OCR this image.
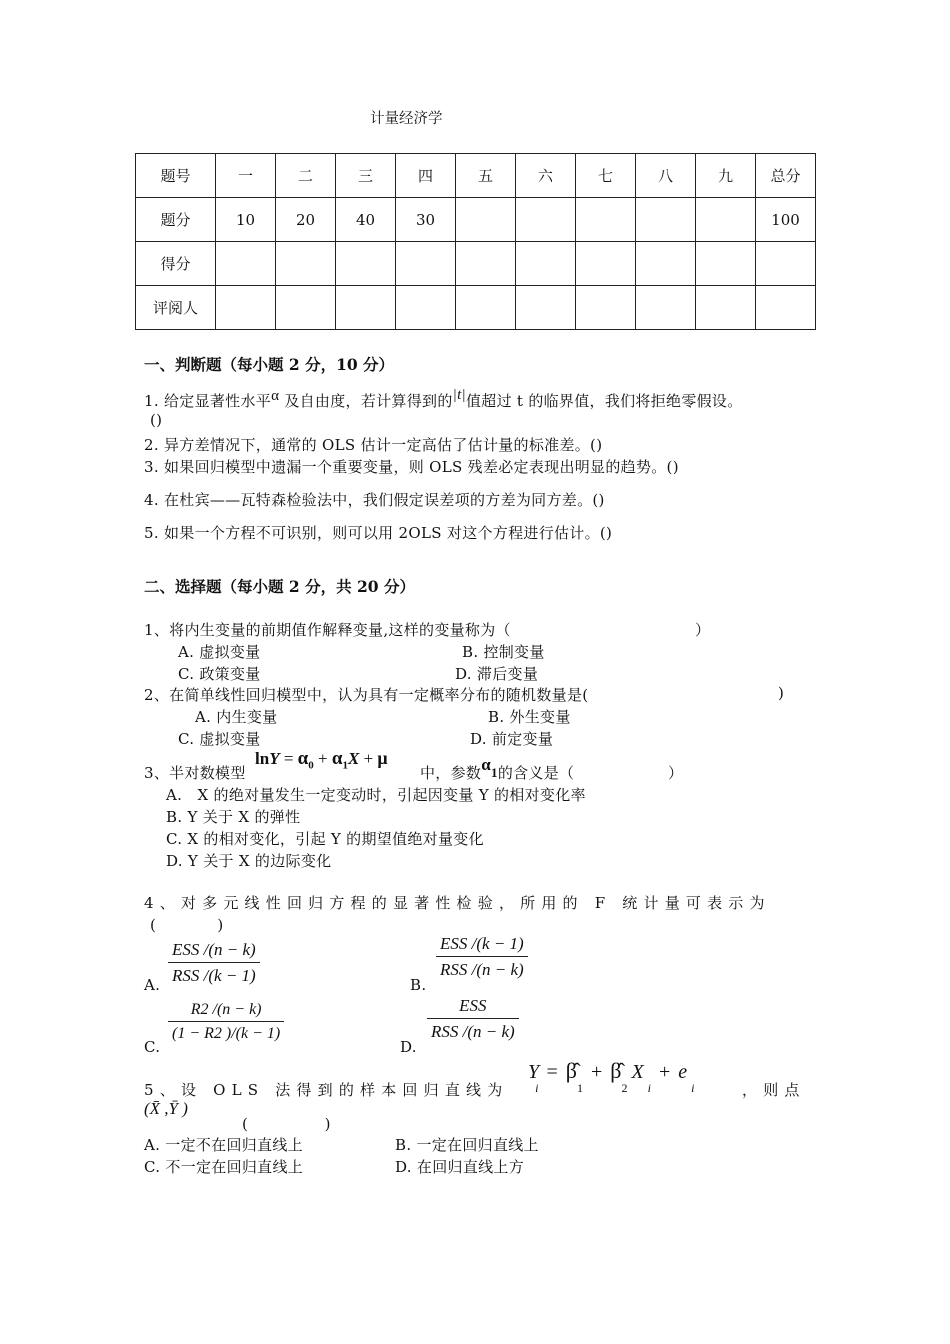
计量经济学
题号	一	二	三	四	五	六	七	八	九	总分
题分	10	20	40	30						100
得分										
评阅人										
一、判断题（每小题 2 分，10 分）
1. 给定显著性水平α 及自由度，若计算得到的|t|值超过 t 的临界值，我们将拒绝零假设。
()
2. 异方差情况下，通常的 OLS 估计一定高估了估计量的标准差。()
3. 如果回归模型中遗漏一个重要变量，则 OLS 残差必定表现出明显的趋势。()
4. 在杜宾——瓦特森检验法中，我们假定误差项的方差为同方差。()
5. 如果一个方程不可识别，则可以用 2OLS 对这个方程进行估计。()
二、选择题（每小题 2 分，共 20 分）
1、将内生变量的前期值作解释变量,这样的变量称为（	）
A. 虚拟变量	B. 控制变量
C. 政策变量	D. 滞后变量
2、在简单线性回归模型中，认为具有一定概率分布的随机数量是(	)
A. 内生变量	B. 外生变量
C. 虚拟变量	D. 前定变量
3、半对数模型
$\ln Y = \alpha_0 + \alpha_1X + \mu$
中，参数α1的含义是（	）
A.　X 的绝对量发生一定变动时，引起因变量 Y 的相对变化率
B. Y 关于 X 的弹性
C. X 的相对变化，引起 Y 的期望值绝对量变化
D. Y 关于 X 的边际变化
4、对多元线性回归方程的显著性检验，所用的 F 统计量可表示为
(　　　　)
ESS /(n − k)
RSS /(k − 1)
A.
ESS /(k − 1)
RSS /(n − k)
B.
$\frac{R2 /(n - k)}{(1 - R2 )/(k - 1)}$
C.
ESS
RSS /(n − k)
D.
5、设 OLS 法得到的样本回归直线为
$Y_i=$ $\betâ_1+$ $\betâ_2X_i+ e_i$	，则点
(X̄ ,Ȳ )
(　　　　　)
A. 一定不在回归直线上	B. 一定在回归直线上
C. 不一定在回归直线上	D. 在回归直线上方
